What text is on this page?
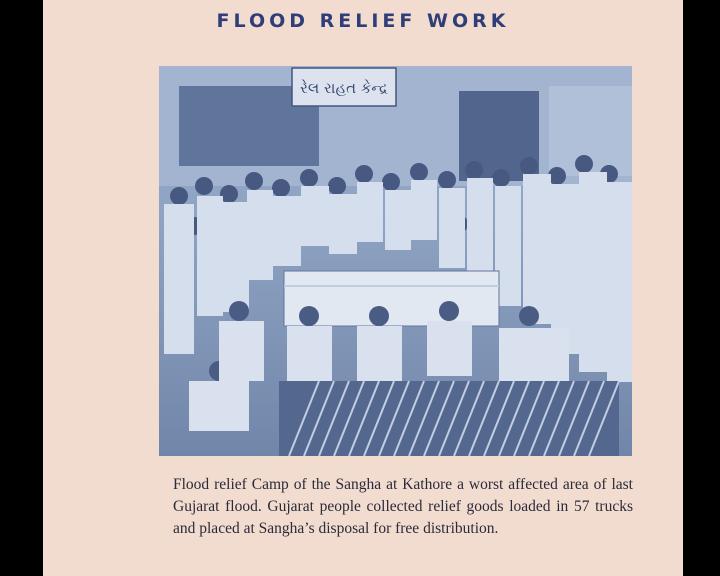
FLOOD RELIEF WORK
રેલ રાહત કેન્દ્ર
Flood relief Camp of the Sangha at Kathore a worst affected area of last Gujarat flood. Gujarat people collected relief goods loaded in 57 trucks and placed at Sangha’s disposal for free distribution.
